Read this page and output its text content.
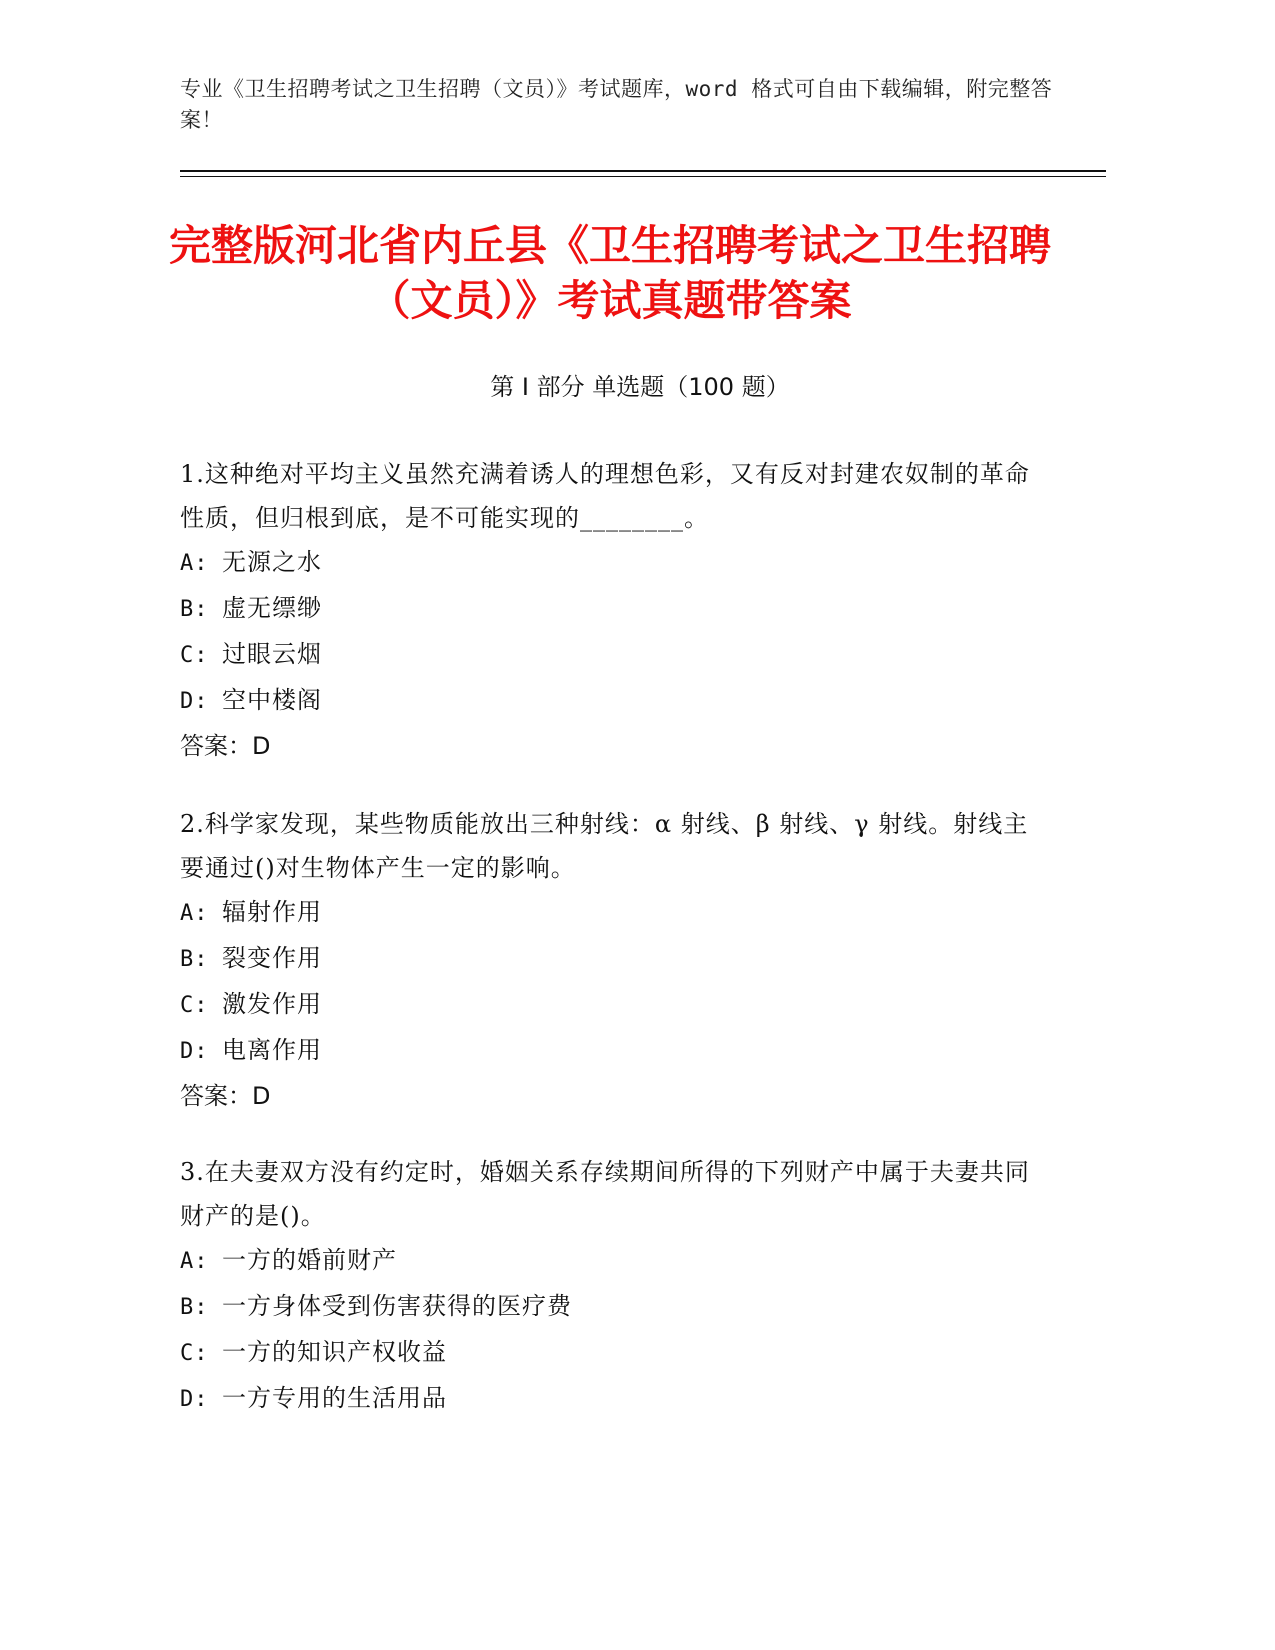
专业《卫生招聘考试之卫生招聘（文员）》考试题库，word 格式可自由下载编辑，附完整答案！
完整版河北省内丘县《卫生招聘考试之卫生招聘（文员）》考试真题带答案
第 I 部分 单选题（100 题）

1.这种绝对平均主义虽然充满着诱人的理想色彩，又有反对封建农奴制的革命性质，但归根到底，是不可能实现的________。

A: 无源之水

B: 虚无缥缈

C: 过眼云烟

D: 空中楼阁

答案：D

2.科学家发现，某些物质能放出三种射线：α 射线、β 射线、γ 射线。射线主要通过()对生物体产生一定的影响。

A: 辐射作用

B: 裂变作用

C: 激发作用

D: 电离作用

答案：D

3.在夫妻双方没有约定时，婚姻关系存续期间所得的下列财产中属于夫妻共同财产的是()。

A: 一方的婚前财产

B: 一方身体受到伤害获得的医疗费

C: 一方的知识产权收益

D: 一方专用的生活用品
